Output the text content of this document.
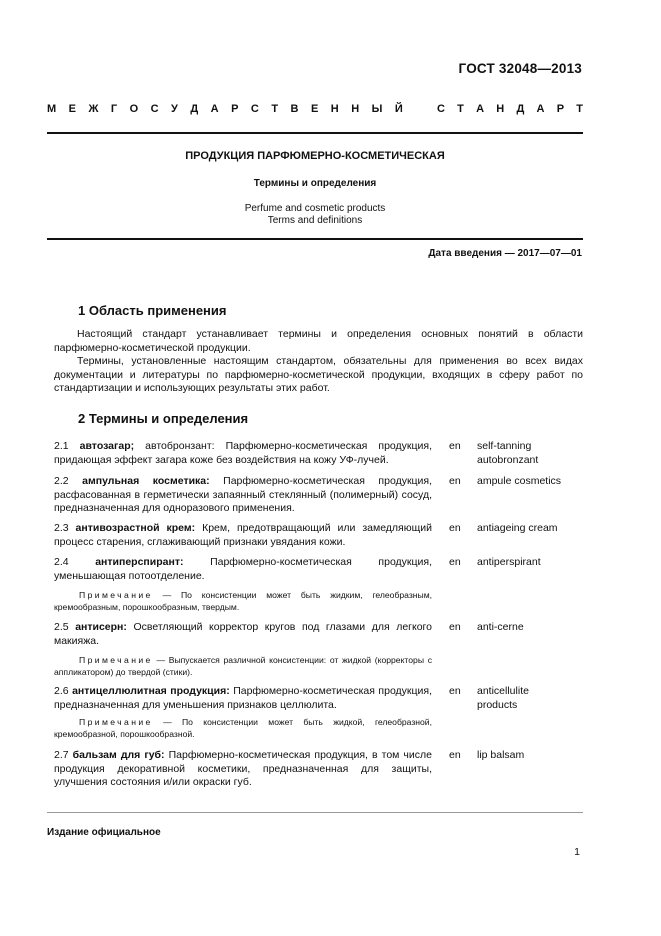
ГОСТ 32048—2013
М Е Ж Г О С У Д А Р С Т В Е Н Н Ы Й	С Т А Н Д А Р Т
ПРОДУКЦИЯ ПАРФЮМЕРНО-КОСМЕТИЧЕСКАЯ
Термины и определения
Perfume and cosmetic products
Terms and definitions
Дата введения — 2017—07—01
1 Область применения
Настоящий стандарт устанавливает термины и определения основных понятий в области парфюмерно-косметической продукции.
Термины, установленные настоящим стандартом, обязательны для применения во всех видах документации и литературы по парфюмерно-косметической продукции, входящих в сферу работ по стандартизации и использующих результаты этих работ.
2 Термины и определения
2.1 автозагар; автобронзант: Парфюмерно-косметическая продукция, придающая эффект загара коже без воздействия на кожу УФ-лучей.
en self-tanning autobronzant
2.2 ампульная косметика: Парфюмерно-косметическая продукция, расфасованная в герметически запаянный стеклянный (полимерный) сосуд, предназначенная для одноразового применения.
en ampule cosmetics
2.3 антивозрастной крем: Крем, предотвращающий или замедляющий процесс старения, сглаживающий признаки увядания кожи.
en antiageing cream
2.4	антиперспирант: Парфюмерно-косметическая продукция, уменьшающая потоотделение.
en antiperspirant
Примечание — По консистенции может быть жидким, гелеобразным, кремообразным, порошкообразным, твердым.
2.5 антисерн: Осветляющий корректор кругов под глазами для легкого макияжа.
en anti-cerne
Примечание — Выпускается различной консистенции: от жидкой (корректоры с аппликатором) до твердой (стики).
2.6 антицеллюлитная продукция: Парфюмерно-косметическая продукция, предназначенная для уменьшения признаков целлюлита.
en anticellulite products
Примечание — По консистенции может быть жидкой, гелеобразной, кремообразной, порошкообразной.
2.7 бальзам для губ: Парфюмерно-косметическая продукция, в том числе продукция декоративной косметики, предназначенная для защиты, улучшения состояния и/или окраски губ.
en lip balsam
Издание официальное
1
